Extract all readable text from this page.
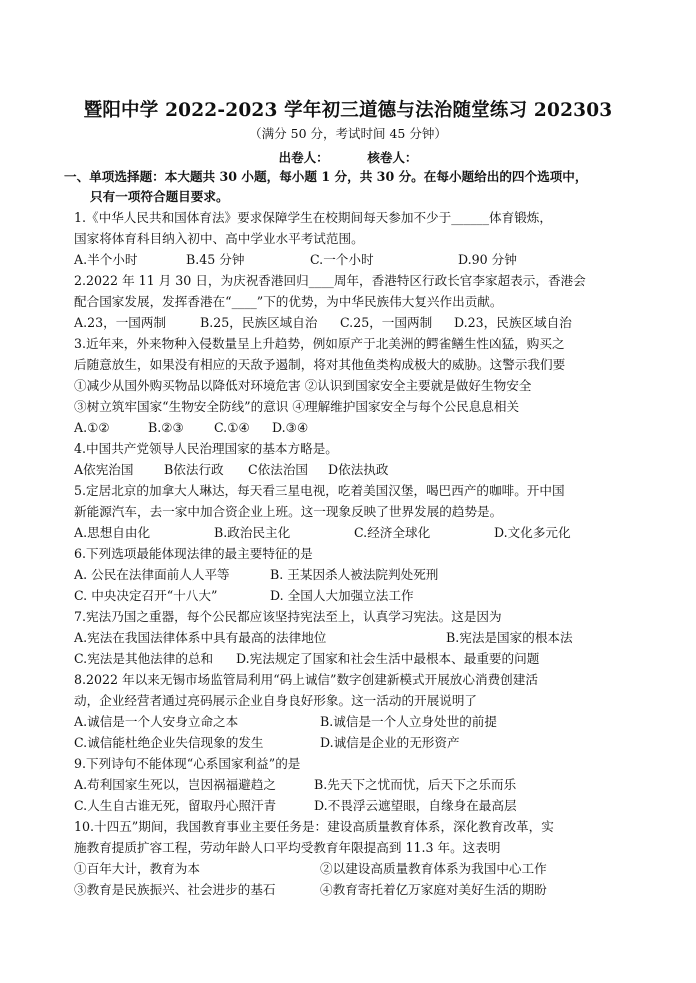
暨阳中学 2022-2023 学年初三道德与法治随堂练习 202303
（满分 50 分，考试时间 45 分钟）
出卷人：	核卷人：
一、单项选择题：本大题共 30 小题，每小题 1 分，共 30 分。在每小题给出的四个选项中，
只有一项符合题目要求。
1.《中华人民共和国体育法》要求保障学生在校期间每天参加不少于______体育锻炼，
国家将体育科目纳入初中、高中学业水平考试范围。
A.半个小时	B.45 分钟	C.一个小时	D.90 分钟
2.2022 年 11 月 30 日，为庆祝香港回归____周年，香港特区行政长官李家超表示，香港会
配合国家发展，发挥香港在“____”下的优势，为中华民族伟大复兴作出贡献。
A.23，一国两制	B.25，民族区域自治 C.25，一国两制 D.23，民族区域自治
3.近年来，外来物种入侵数量呈上升趋势，例如原产于北美洲的鳄雀鳝生性凶猛，购买之
后随意放生，如果没有相应的天敌予遏制，将对其他鱼类构成极大的威胁。这警示我们要
①减少从国外购买物品以降低对环境危害 ②认识到国家安全主要就是做好生物安全
③树立筑牢国家“生物安全防线”的意识 ④理解维护国家安全与每个公民息息相关
A.①②	B.②③ C.①④ D.③④
4.中国共产党领导人民治理国家的基本方略是。
A依宪治国 B依法行政 C依法治国 D依法执政
5.定居北京的加拿大人琳达，每天看三星电视，吃着美国汉堡，喝巴西产的咖啡。开中国
新能源汽车，去一家中加合资企业上班。这一现象反映了世界发展的趋势是。
A.思想自由化	B.政治民主化	C.经济全球化	D.文化多元化
6.下列选项最能体现法律的最主要特征的是
A. 公民在法律面前人人平等	B. 王某因杀人被法院判处死刑
C. 中央决定召开“十八大”	D. 全国人大加强立法工作
7.宪法乃国之重器，每个公民都应该坚持宪法至上，认真学习宪法。这是因为
A.宪法在我国法律体系中具有最高的法律地位	B.宪法是国家的根本法
C.宪法是其他法律的总和 D.宪法规定了国家和社会生活中最根本、最重要的问题
8.2022 年以来无锡市场监管局利用“码上诚信”数字创建新模式开展放心消费创建活
动，企业经营者通过亮码展示企业自身良好形象。这一活动的开展说明了
A.诚信是一个人安身立命之本	B.诚信是一个人立身处世的前提
C.诚信能杜绝企业失信现象的发生	D.诚信是企业的无形资产
9.下列诗句不能体现“心系国家利益”的是
A.苟利国家生死以，岂因祸福避趋之	B.先天下之忧而忧，后天下之乐而乐
C.人生自古谁无死，留取丹心照汗青	D.不畏浮云遮望眼，自缘身在最高层
10.十四五”期间，我国教育事业主要任务是：建设高质量教育体系，深化教育改革，实
施教育提质扩容工程，劳动年龄人口平均受教育年限提高到 11.3 年。这表明
①百年大计，教育为本	②以建设高质量教育体系为我国中心工作
③教育是民族振兴、社会进步的基石	④教育寄托着亿万家庭对美好生活的期盼
